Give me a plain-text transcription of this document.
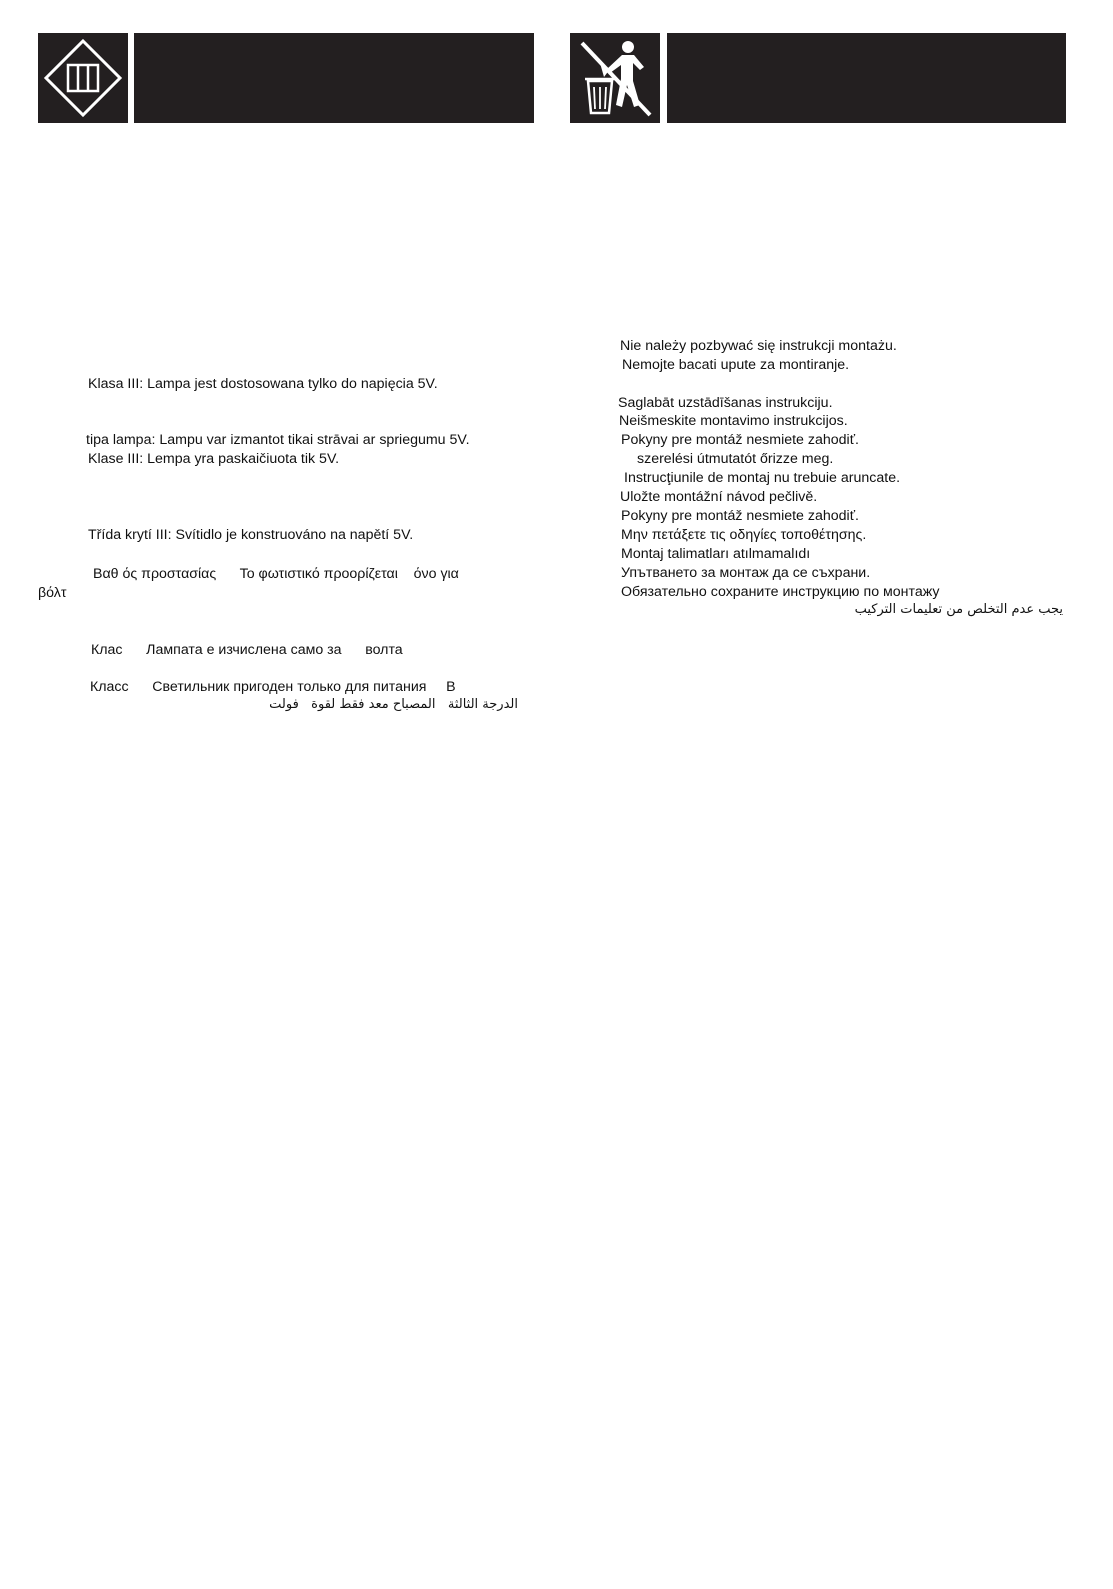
Klasa III: Lampa jest dostosowana tylko do napięcia 5V.
tipa lampa: Lampu var izmantot tikai strāvai ar spriegumu 5V.
Klase III: Lempa yra paskaičiuota tik 5V.
Třída krytí III: Svítidlo je konstruováno na napětí 5V.
Βαθ ός προστασίας      Το φωτιστικό προορίζεται    όνο για
βόλτ
Клас      Лампата е изчислена само за      волта
Класс      Светильник пригоден только для питания     В
الدرجة الثالثة   المصباح معد فقط لقوة   فولت
Nie należy pozbywać się instrukcji montażu.
Nemojte bacati upute za montiranje.
Saglabāt uzstādīšanas instrukciju.
Neišmeskite montavimo instrukcijos.
Pokyny pre montáž nesmiete zahodiť.
szerelési útmutatót őrizze meg.
Instrucţiunile de montaj nu trebuie aruncate.
Uložte montážní návod pečlivě.
Pokyny pre montáž nesmiete zahodiť.
Μην πετάξετε τις οδηγίες τοποθέτησης.
Montaj talimatları atılmamalıdı
Упътването за монтаж да се съхрани.
Обязательно сохраните инструкцию по монтажу
يجب عدم التخلص من تعليمات التركيب
